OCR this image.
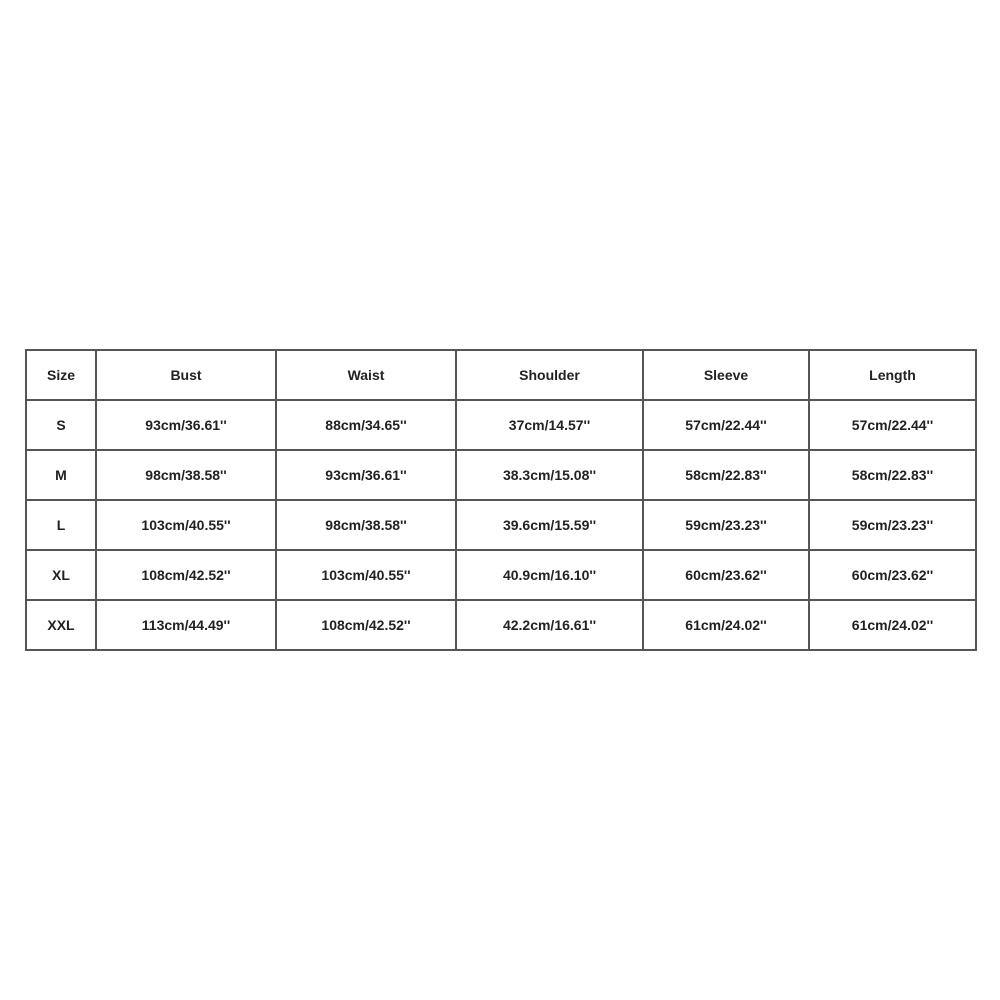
Size	Bust	Waist	Shoulder	Sleeve	Length
S	93cm/36.61''	88cm/34.65''	37cm/14.57''	57cm/22.44''	57cm/22.44''
M	98cm/38.58''	93cm/36.61''	38.3cm/15.08''	58cm/22.83''	58cm/22.83''
L	103cm/40.55''	98cm/38.58''	39.6cm/15.59''	59cm/23.23''	59cm/23.23''
XL	108cm/42.52''	103cm/40.55''	40.9cm/16.10''	60cm/23.62''	60cm/23.62''
XXL	113cm/44.49''	108cm/42.52''	42.2cm/16.61''	61cm/24.02''	61cm/24.02''
